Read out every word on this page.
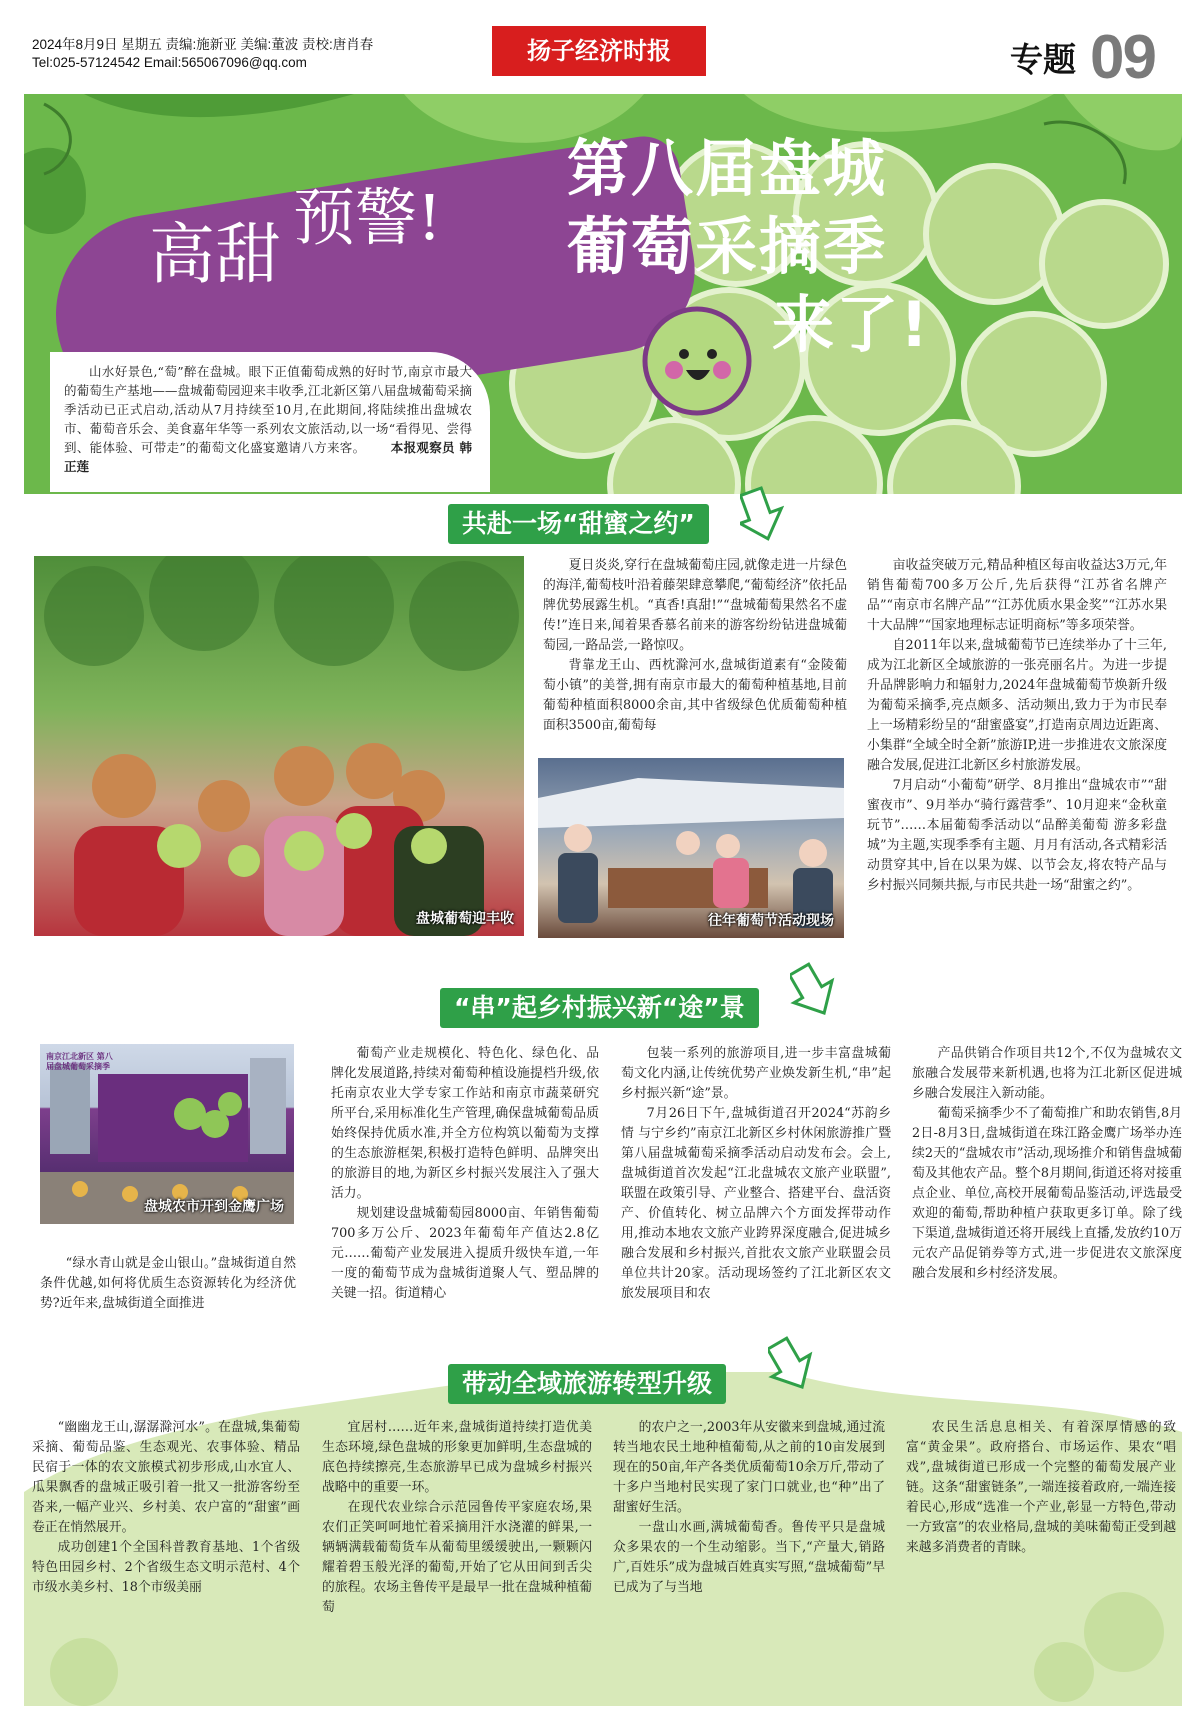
2024年8月9日 星期五 责编:施新亚 美编:董波 责校:唐肖春
Tel:025-57124542 Email:565067096@qq.com	扬子经济时报	专题 09
高甜 预警!
第八届盘城
葡萄采摘季
来了!
山水好景色,“萄”醉在盘城。眼下正值葡萄成熟的好时节,南京市最大的葡萄生产基地——盘城葡萄园迎来丰收季,江北新区第八届盘城葡萄采摘季活动已正式启动,活动从7月持续至10月,在此期间,将陆续推出盘城农市、葡萄音乐会、美食嘉年华等一系列农文旅活动,以一场“看得见、尝得到、能体验、可带走”的葡萄文化盛宴邀请八方来客。 本报观察员 韩正莲
共赴一场“甜蜜之约”
盘城葡萄迎丰收

夏日炎炎,穿行在盘城葡萄庄园,就像走进一片绿色的海洋,葡萄枝叶沿着藤架肆意攀爬,“葡萄经济”依托品牌优势展露生机。“真香!真甜!”“盘城葡萄果然名不虚传!”连日来,闻着果香慕名前来的游客纷纷钻进盘城葡萄园,一路品尝,一路惊叹。

背靠龙王山、西枕滁河水,盘城街道素有“金陵葡萄小镇”的美誉,拥有南京市最大的葡萄种植基地,目前葡萄种植面积8000余亩,其中省级绿色优质葡萄种植面积3500亩,葡萄每

往年葡萄节活动现场

亩收益突破万元,精品种植区每亩收益达3万元,年销售葡萄700多万公斤,先后获得“江苏省名牌产品”“南京市名牌产品”“江苏优质水果金奖”“江苏水果十大品牌”“国家地理标志证明商标”等多项荣誉。

自2011年以来,盘城葡萄节已连续举办了十三年,成为江北新区全域旅游的一张亮丽名片。为进一步提升品牌影响力和辐射力,2024年盘城葡萄节焕新升级为葡萄采摘季,亮点颇多、活动频出,致力于为市民奉上一场精彩纷呈的“甜蜜盛宴”,打造南京周边近距离、小集群“全域全时全新”旅游IP,进一步推进农文旅深度融合发展,促进江北新区乡村旅游发展。

7月启动“小葡萄”研学、8月推出“盘城农市”“甜蜜夜市”、9月举办“骑行露营季”、10月迎来“金秋童玩节”……本届葡萄季活动以“品醉美葡萄 游多彩盘城”为主题,实现季季有主题、月月有活动,各式精彩活动贯穿其中,旨在以果为媒、以节会友,将农特产品与乡村振兴同频共振,与市民共赴一场“甜蜜之约”。

“串”起乡村振兴新“途”景
南京江北新区 第八届盘城葡萄采摘季
盘城农市开到金鹰广场

“绿水青山就是金山银山。”盘城街道自然条件优越,如何将优质生态资源转化为经济优势?近年来,盘城街道全面推进

葡萄产业走规模化、特色化、绿色化、品牌化发展道路,持续对葡萄种植设施提档升级,依托南京农业大学专家工作站和南京市蔬菜研究所平台,采用标准化生产管理,确保盘城葡萄品质始终保持优质水准,并全方位构筑以葡萄为支撑的生态旅游框架,积极打造特色鲜明、品牌突出的旅游目的地,为新区乡村振兴发展注入了强大活力。

规划建设盘城葡萄园8000亩、年销售葡萄700多万公斤、2023年葡萄年产值达2.8亿元……葡萄产业发展进入提质升级快车道,一年一度的葡萄节成为盘城街道聚人气、塑品牌的关键一招。街道精心

包装一系列的旅游项目,进一步丰富盘城葡萄文化内涵,让传统优势产业焕发新生机,“串”起乡村振兴新“途”景。

7月26日下午,盘城街道召开2024“苏韵乡情 与宁乡约”南京江北新区乡村休闲旅游推广暨第八届盘城葡萄采摘季活动启动发布会。会上,盘城街道首次发起“江北盘城农文旅产业联盟”,联盟在政策引导、产业整合、搭建平台、盘活资产、价值转化、树立品牌六个方面发挥带动作用,推动本地农文旅产业跨界深度融合,促进城乡融合发展和乡村振兴,首批农文旅产业联盟会员单位共计20家。活动现场签约了江北新区农文旅发展项目和农

产品供销合作项目共12个,不仅为盘城农文旅融合发展带来新机遇,也将为江北新区促进城乡融合发展注入新动能。

葡萄采摘季少不了葡萄推广和助农销售,8月2日-8月3日,盘城街道在珠江路金鹰广场举办连续2天的“盘城农市”活动,现场推介和销售盘城葡萄及其他农产品。整个8月期间,街道还将对接重点企业、单位,高校开展葡萄品鉴活动,评选最受欢迎的葡萄,帮助种植户获取更多订单。除了线下渠道,盘城街道还将开展线上直播,发放约10万元农产品促销券等方式,进一步促进农文旅深度融合发展和乡村经济发展。

带动全域旅游转型升级

“幽幽龙王山,潺潺滁河水”。在盘城,集葡萄采摘、葡萄品鉴、生态观光、农事体验、精品民宿于一体的农文旅模式初步形成,山水宜人、瓜果飘香的盘城正吸引着一批又一批游客纷至沓来,一幅产业兴、乡村美、农户富的“甜蜜”画卷正在悄然展开。

成功创建1个全国科普教育基地、1个省级特色田园乡村、2个省级生态文明示范村、4个市级水美乡村、18个市级美丽

宜居村……近年来,盘城街道持续打造优美生态环境,绿色盘城的形象更加鲜明,生态盘城的底色持续擦亮,生态旅游早已成为盘城乡村振兴战略中的重要一环。

在现代农业综合示范园鲁传平家庭农场,果农们正笑呵呵地忙着采摘用汗水浇灌的鲜果,一辆辆满载葡萄货车从葡萄里缓缓驶出,一颗颗闪耀着碧玉般光泽的葡萄,开始了它从田间到舌尖的旅程。农场主鲁传平是最早一批在盘城种植葡萄

的农户之一,2003年从安徽来到盘城,通过流转当地农民土地种植葡萄,从之前的10亩发展到现在的50亩,年产各类优质葡萄10余万斤,带动了十多户当地村民实现了家门口就业,也“种”出了甜蜜好生活。

一盘山水画,满城葡萄香。鲁传平只是盘城众多果农的一个生动缩影。当下,“产量大,销路广,百姓乐”成为盘城百姓真实写照,“盘城葡萄”早已成为了与当地

农民生活息息相关、有着深厚情感的致富“黄金果”。政府搭台、市场运作、果农“唱戏”,盘城街道已形成一个完整的葡萄发展产业链。这条“甜蜜链条”,一端连接着政府,一端连接着民心,形成“选准一个产业,彰显一方特色,带动一方致富”的农业格局,盘城的美味葡萄正受到越来越多消费者的青睐。
